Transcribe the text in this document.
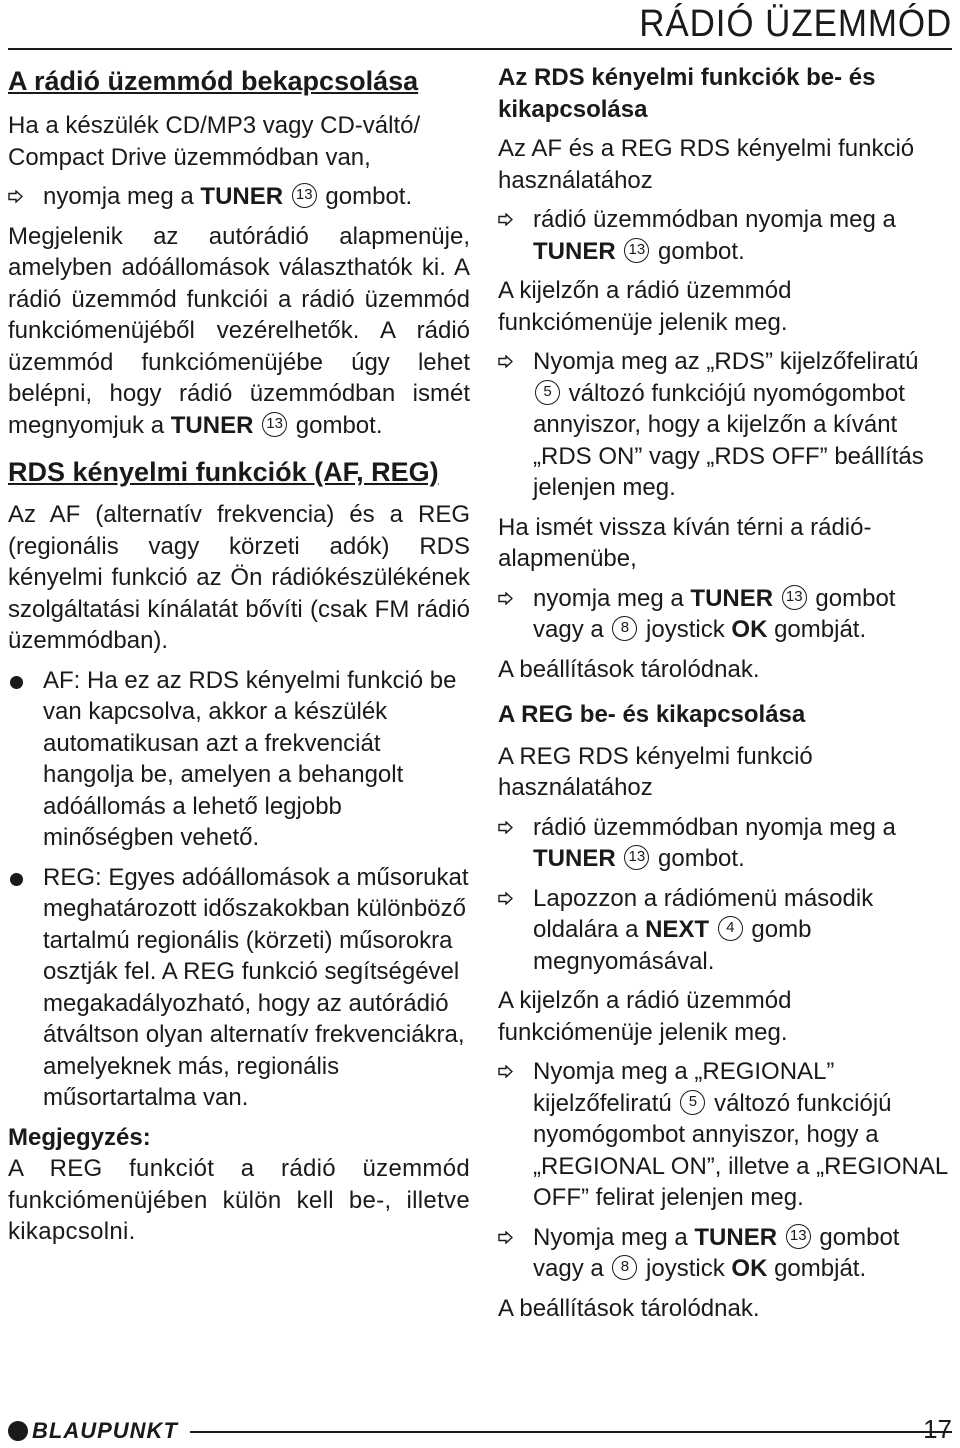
RÁDIÓ ÜZEMMÓD

A rádió üzemmód bekapcsolása

Ha a készülék CD/MP3 vagy CD-váltó/ Compact Drive üzemmódban van,

nyomja meg a TUNER 13 gombot.

Megjelenik az autórádió alapmenüje, amelyben adóállomások választhatók ki. A rádió üzemmód funkciói a rádió üzemmód funkciómenüjéből vezérelhetők. A rádió üzemmód funkciómenüjébe úgy lehet belépni, hogy rádió üzemmódban ismét megnyomjuk a TUNER 13 gombot.

RDS kényelmi funkciók (AF, REG)

Az AF (alternatív frekvencia) és a REG (regionális vagy körzeti adók) RDS kényelmi funkció az Ön rádiókészülékének szolgáltatási kínálatát bővíti (csak FM rádió üzemmódban).

AF: Ha ez az RDS kényelmi funkció be van kapcsolva, akkor a készülék automatikusan azt a frekvenciát hangolja be, amelyen a behangolt adóállomás a lehető legjobb minőségben vehető.
REG: Egyes adóállomások a műsorukat meghatározott időszakokban különböző tartalmú regionális (körzeti) műsorokra osztják fel. A REG funkció segítségével megakadályozható, hogy az autórádió átváltson olyan alternatív frekvenciákra, amelyeknek más, regionális műsortartalma van.

Megjegyzés:

A REG funkciót a rádió üzemmód funkciómenüjében külön kell be-, illetve kikapcsolni.

Az RDS kényelmi funkciók be- és kikapcsolása

Az AF és a REG RDS kényelmi funkció használatához

rádió üzemmódban nyomja meg a TUNER 13 gombot.

A kijelzőn a rádió üzemmód funkciómenüje jelenik meg.

Nyomja meg az „RDS” kijelzőfeliratú 5 változó funkciójú nyomógombot annyiszor, hogy a kijelzőn a kívánt „RDS ON” vagy „RDS OFF” beállítás jelenjen meg.

Ha ismét vissza kíván térni a rádió-alapmenübe,

nyomja meg a TUNER 13 gombot vagy a 8 joystick OK gombját.

A beállítások tárolódnak.

A REG be- és kikapcsolása

A REG RDS kényelmi funkció használatához

rádió üzemmódban nyomja meg a TUNER 13 gombot.
Lapozzon a rádiómenü második oldalára a NEXT 4 gomb megnyomásával.

A kijelzőn a rádió üzemmód funkciómenüje jelenik meg.

Nyomja meg a „REGIONAL” kijelzőfeliratú 5 változó funkciójú nyomógombot annyiszor, hogy a „REGIONAL ON”, illetve a „REGIONAL OFF” felirat jelenjen meg.
Nyomja meg a TUNER 13 gombot vagy a 8 joystick OK gombját.

A beállítások tárolódnak.

BLAUPUNKT	17
